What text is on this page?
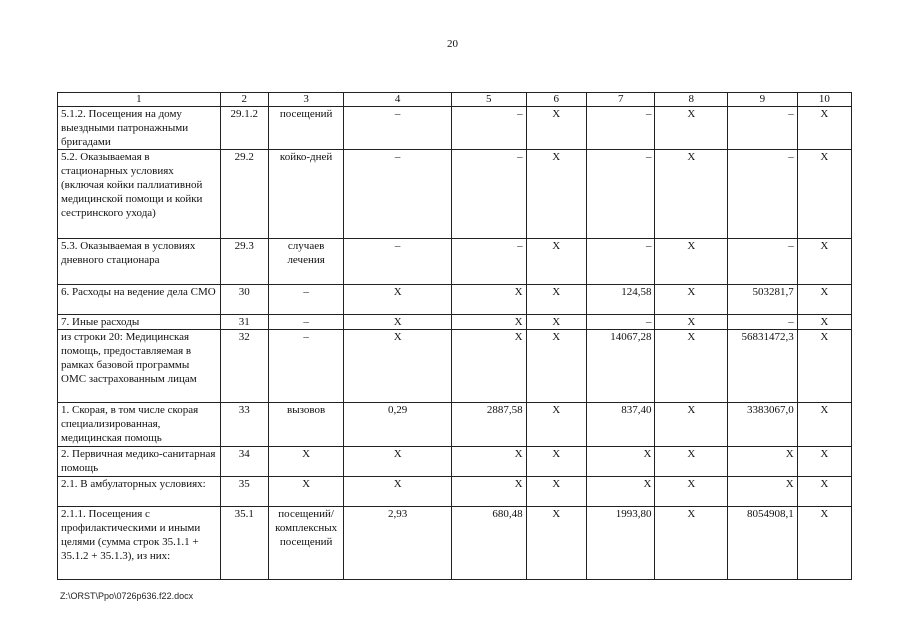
20
1	2	3	4	5	6	7	8	9	10
5.1.2. Посещения на дому выездными патронажными бригадами	29.1.2	посещений	–	–	Х	–	Х	–	Х
5.2. Оказываемая в стационарных условиях (включая койки паллиативной медицинской помощи и койки сестринского ухода)	29.2	койко-дней	–	–	Х	–	Х	–	Х
5.3. Оказываемая в условиях дневного стационара	29.3	случаев лечения	–	–	Х	–	Х	–	Х
6. Расходы на ведение дела СМО	30	–	Х	Х	Х	124,58	Х	503281,7	Х
7. Иные расходы	31	–	Х	Х	Х	–	Х	–	Х
из строки 20: Медицинская помощь, предоставляемая в рамках базовой программы ОМС застрахованным лицам	32	–	Х	Х	Х	14067,28	Х	56831472,3	Х
1. Скорая, в том числе скорая специализированная, медицинская помощь	33	вызовов	0,29	2887,58	Х	837,40	Х	3383067,0	Х
2. Первичная медико-санитарная помощь	34	Х	Х	Х	Х	Х	Х	Х	Х
2.1. В амбулаторных условиях:	35	Х	Х	Х	Х	Х	Х	Х	Х
2.1.1. Посещения с профилактическими и иными целями (сумма строк 35.1.1 + 35.1.2 + 35.1.3), из них:	35.1	посещений/ комплексных посещений	2,93	680,48	Х	1993,80	Х	8054908,1	Х
Z:\ORST\Ppo\0726p636.f22.docx
